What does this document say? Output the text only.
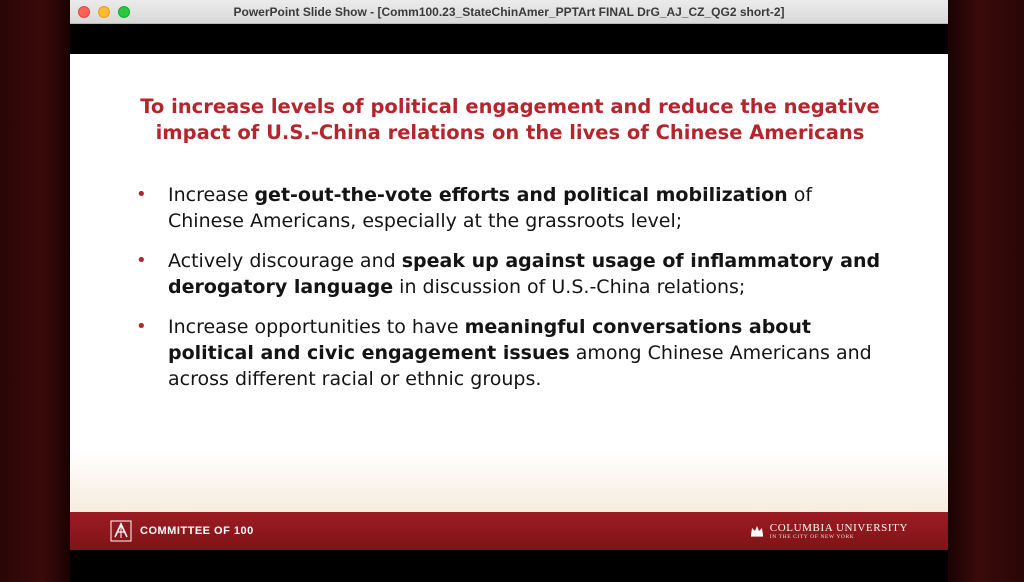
PowerPoint Slide Show - [Comm100.23_StateChinAmer_PPTArt FINAL DrG_AJ_CZ_QG2 short-2]
To increase levels of political engagement and reduce the negative
impact of U.S.-China relations on the lives of Chinese Americans
• Increase get-out-the-vote efforts and political mobilization of Chinese Americans, especially at the grassroots level;
• Actively discourage and speak up against usage of inflammatory and derogatory language in discussion of U.S.-China relations;
• Increase opportunities to have meaningful conversations about political and civic engagement issues among Chinese Americans and across different racial or ethnic groups.
COMMITTEE OF 100	COLUMBIA UNIVERSITY
IN THE CITY OF NEW YORK
